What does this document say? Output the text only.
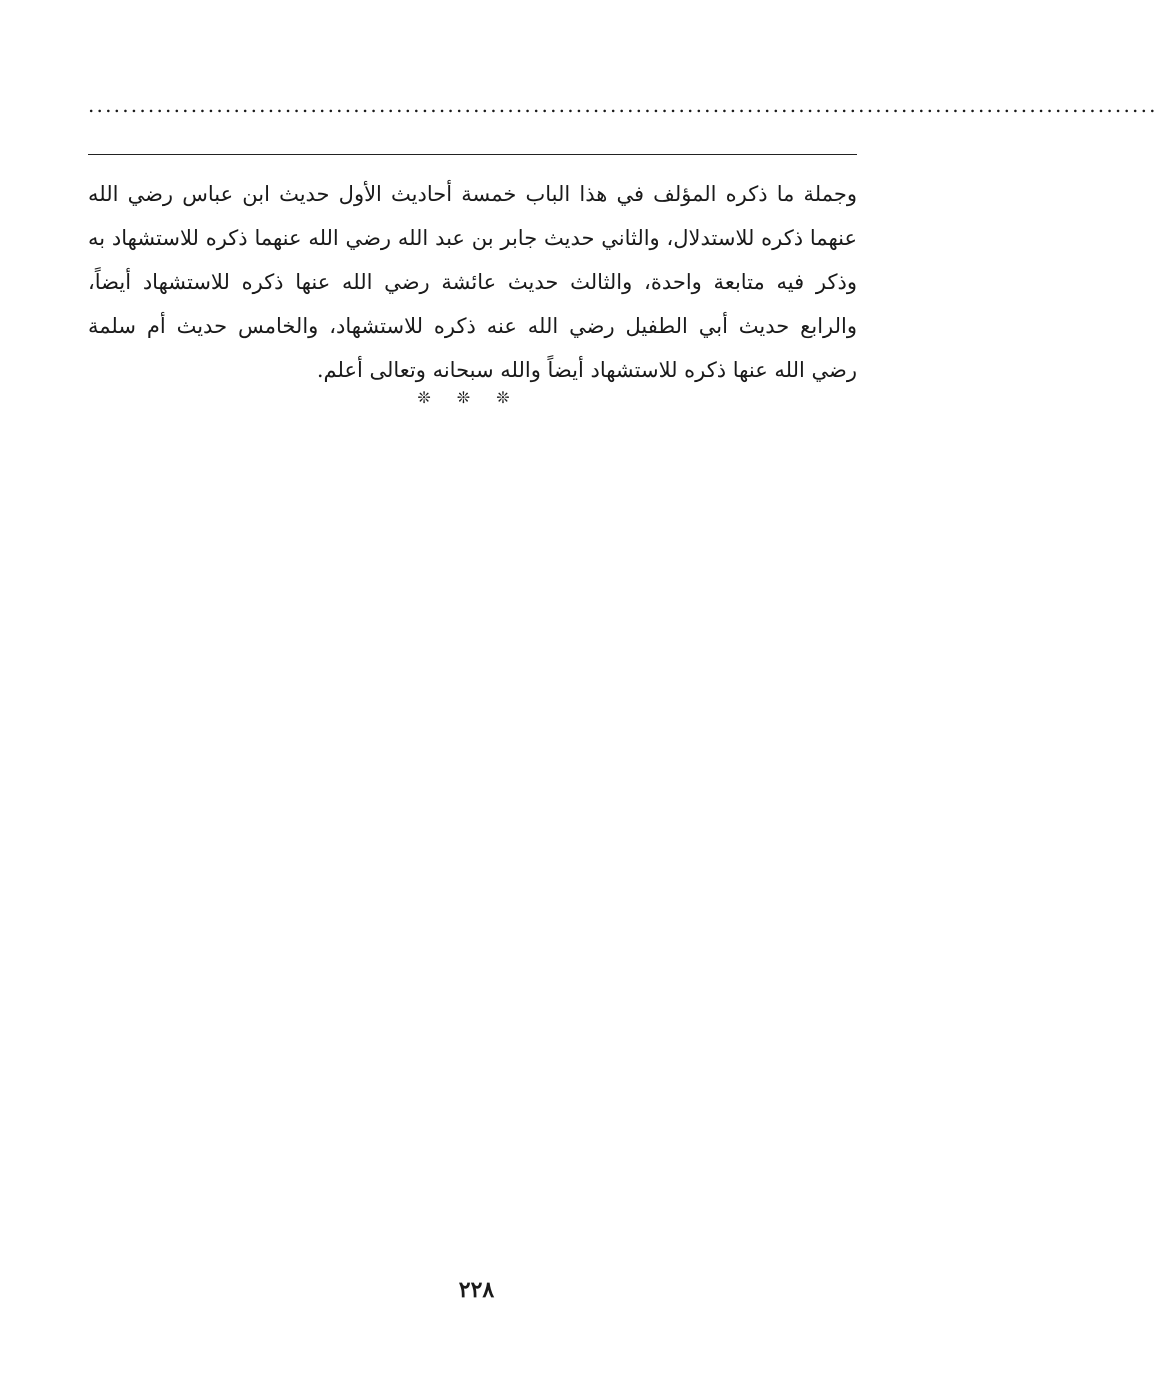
.............................................................................................................................

وجملة ما ذكره المؤلف في هذا الباب خمسة أحاديث الأول حديث ابن عباس رضي الله عنهما ذكره للاستدلال، والثاني حديث جابر بن عبد الله رضي الله عنهما ذكره للاستشهاد به وذكر فيه متابعة واحدة، والثالث حديث عائشة رضي الله عنها ذكره للاستشهاد أيضاً، والرابع حديث أبي الطفيل رضي الله عنه ذكره للاستشهاد، والخامس حديث أم سلمة رضي الله عنها ذكره للاستشهاد أيضاً والله سبحانه وتعالى أعلم.

❊❊❊
٢٢٨
